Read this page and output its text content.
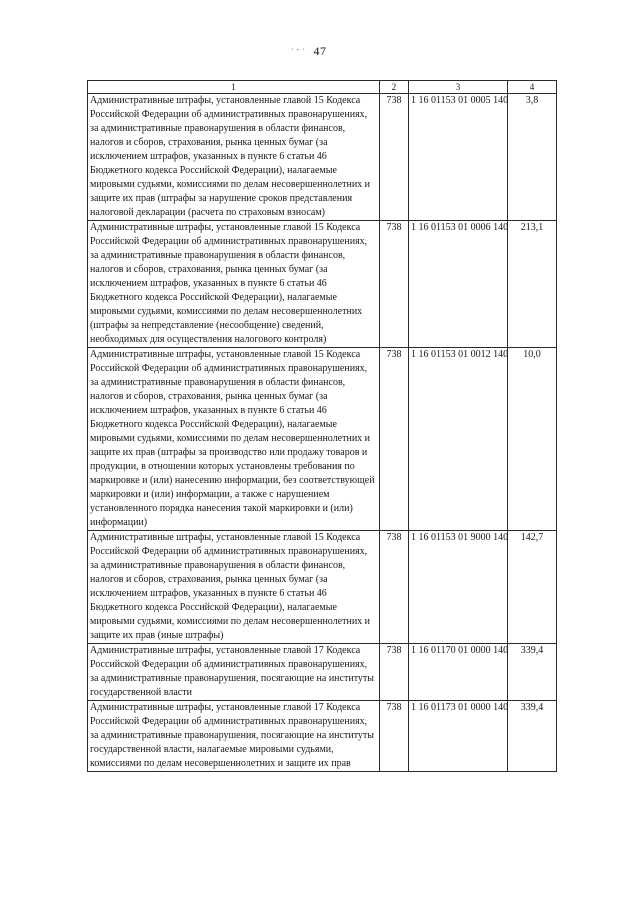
· - · 47
1	2	3	4
Административные штрафы, установленные главой 15 Кодекса Российской Федерации об административных правонарушениях, за административные правонарушения в области финансов, налогов и сборов, страхования, рынка ценных бумаг (за исключением штрафов, указанных в пункте 6 статьи 46 Бюджетного кодекса Российской Федерации), налагаемые мировыми судьями, комиссиями по делам несовершеннолетних и защите их прав (штрафы за нарушение сроков представления налоговой декларации (расчета по страховым взносам)	738	1 16 01153 01 0005 140	3,8
Административные штрафы, установленные главой 15 Кодекса Российской Федерации об административных правонарушениях, за административные правонарушения в области финансов, налогов и сборов, страхования, рынка ценных бумаг (за исключением штрафов, указанных в пункте 6 статьи 46 Бюджетного кодекса Российской Федерации), налагаемые мировыми судьями, комиссиями по делам несовершеннолетних (штрафы за непредставление (несообщение) сведений, необходимых для осуществления налогового контроля)	738	1 16 01153 01 0006 140	213,1
Административные штрафы, установленные главой 15 Кодекса Российской Федерации об административных правонарушениях, за административные правонарушения в области финансов, налогов и сборов, страхования, рынка ценных бумаг (за исключением штрафов, указанных в пункте 6 статьи 46 Бюджетного кодекса Российской Федерации), налагаемые мировыми судьями, комиссиями по делам несовершеннолетних и защите их прав (штрафы за производство или продажу товаров и продукции, в отношении которых установлены требования по маркировке и (или) нанесению информации, без соответствующей маркировки и (или) информации, а также с нарушением установленного порядка нанесения такой маркировки и (или) информации)	738	1 16 01153 01 0012 140	10,0
Административные штрафы, установленные главой 15 Кодекса Российской Федерации об административных правонарушениях, за административные правонарушения в области финансов, налогов и сборов, страхования, рынка ценных бумаг (за исключением штрафов, указанных в пункте 6 статьи 46 Бюджетного кодекса Российской Федерации), налагаемые мировыми судьями, комиссиями по делам несовершеннолетних и защите их прав (иные штрафы)	738	1 16 01153 01 9000 140	142,7
Административные штрафы, установленные главой 17 Кодекса Российской Федерации об административных правонарушениях, за административные правонарушения, посягающие на институты государственной власти	738	1 16 01170 01 0000 140	339,4
Административные штрафы, установленные главой 17 Кодекса Российской Федерации об административных правонарушениях, за административные правонарушения, посягающие на институты государственной власти, налагаемые мировыми судьями, комиссиями по делам несовершеннолетних и защите их прав	738	1 16 01173 01 0000 140	339,4
